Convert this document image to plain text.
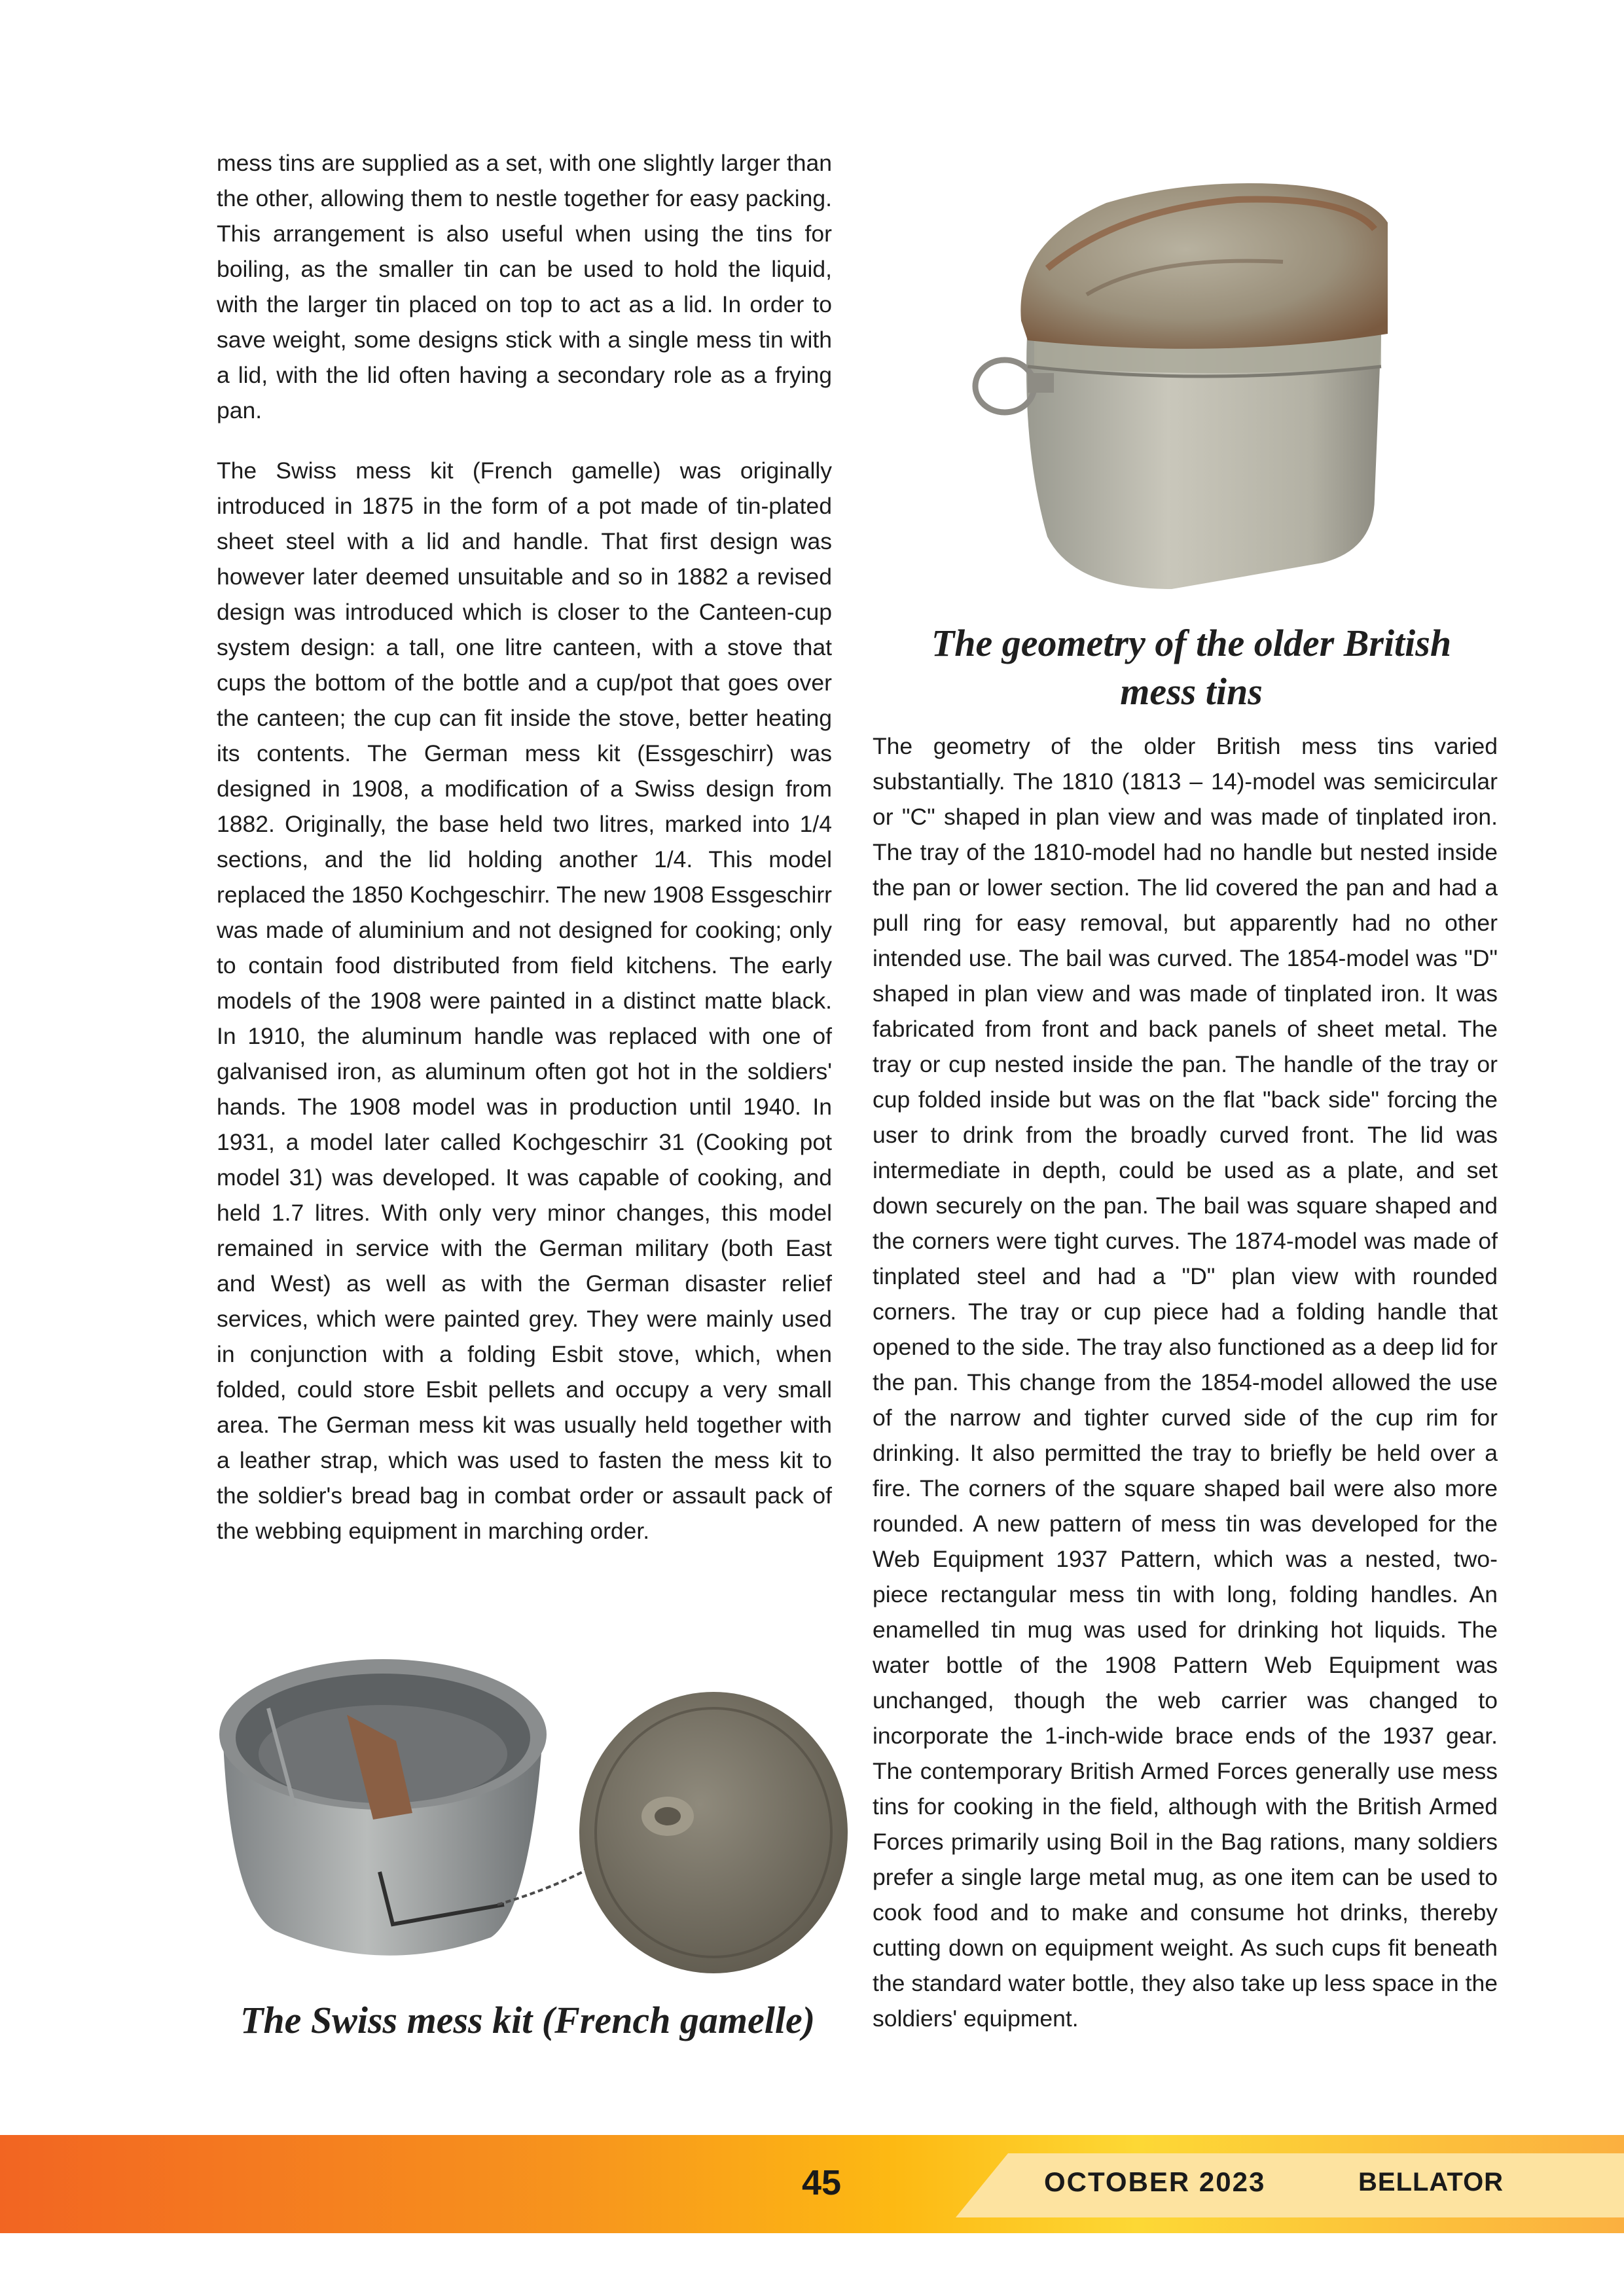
mess tins are supplied as a set, with one slightly larger than the other, allowing them to nestle together for easy packing. This arrangement is also useful when using the tins for boiling, as the smaller tin can be used to hold the liquid, with the larger tin placed on top to act as a lid. In order to save weight, some designs stick with a single mess tin with a lid, with the lid often having a secondary role as a frying pan.

The Swiss mess kit (French gamelle) was originally introduced in 1875 in the form of a pot made of tin-plated sheet steel with a lid and handle. That first design was however later deemed unsuitable and so in 1882 a revised design was introduced which is closer to the Canteen-cup system design: a tall, one litre canteen, with a stove that cups the bottom of the bottle and a cup/pot that goes over the canteen; the cup can fit inside the stove, better heating its contents. The German mess kit (Essgeschirr) was designed in 1908, a modification of a Swiss design from 1882. Originally, the base held two litres, marked into 1/4 sections, and the lid holding another 1/4. This model replaced the 1850 Kochgeschirr. The new 1908 Essgeschirr was made of aluminium and not designed for cooking; only to contain food distributed from field kitchens. The early models of the 1908 were painted in a distinct matte black. In 1910, the aluminum handle was replaced with one of galvanised iron, as aluminum often got hot in the soldiers' hands. The 1908 model was in production until 1940. In 1931, a model later called Kochgeschirr 31 (Cooking pot model 31) was developed. It was capable of cooking, and held 1.7 litres. With only very minor changes, this model remained in service with the German military (both East and West) as well as with the German disaster relief services, which were painted grey. They were mainly used in conjunction with a folding Esbit stove, which, when folded, could store Esbit pellets and occupy a very small area. The German mess kit was usually held together with a leather strap, which was used to fasten the mess kit to the soldier's bread bag in combat order or assault pack of the webbing equipment in marching order.

The geometry of the older British mess tins

The geometry of the older British mess tins varied substantially. The 1810 (1813 – 14)-model was semicircular or "C" shaped in plan view and was made of tinplated iron. The tray of the 1810-model had no handle but nested inside the pan or lower section. The lid covered the pan and had a pull ring for easy removal, but apparently had no other intended use. The bail was curved. The 1854-model was "D" shaped in plan view and was made of tinplated iron. It was fabricated from front and back panels of sheet metal. The tray or cup nested inside the pan. The handle of the tray or cup folded inside but was on the flat "back side" forcing the user to drink from the broadly curved front. The lid was intermediate in depth, could be used as a plate, and set down securely on the pan. The bail was square shaped and the corners were tight curves. The 1874-model was made of tinplated steel and had a "D" plan view with rounded corners. The tray or cup piece had a folding handle that opened to the side. The tray also functioned as a deep lid for the pan. This change from the 1854-model allowed the use of the narrow and tighter curved side of the cup rim for drinking. It also permitted the tray to briefly be held over a fire. The corners of the square shaped bail were also more rounded. A new pattern of mess tin was developed for the Web Equipment 1937 Pattern, which was a nested, two-piece rectangular mess tin with long, folding handles. An enamelled tin mug was used for drinking hot liquids. The water bottle of the 1908 Pattern Web Equipment was unchanged, though the web carrier was changed to incorporate the 1-inch-wide brace ends of the 1937 gear. The contemporary British Armed Forces generally use mess tins for cooking in the field, although with the British Armed Forces primarily using Boil in the Bag rations, many soldiers prefer a single large metal mug, as one item can be used to cook food and to make and consume hot drinks, thereby cutting down on equipment weight. As such cups fit beneath the standard water bottle, they also take up less space in the soldiers' equipment.

The Swiss mess kit (French gamelle)

45	OCTOBER 2023	BELLATOR
